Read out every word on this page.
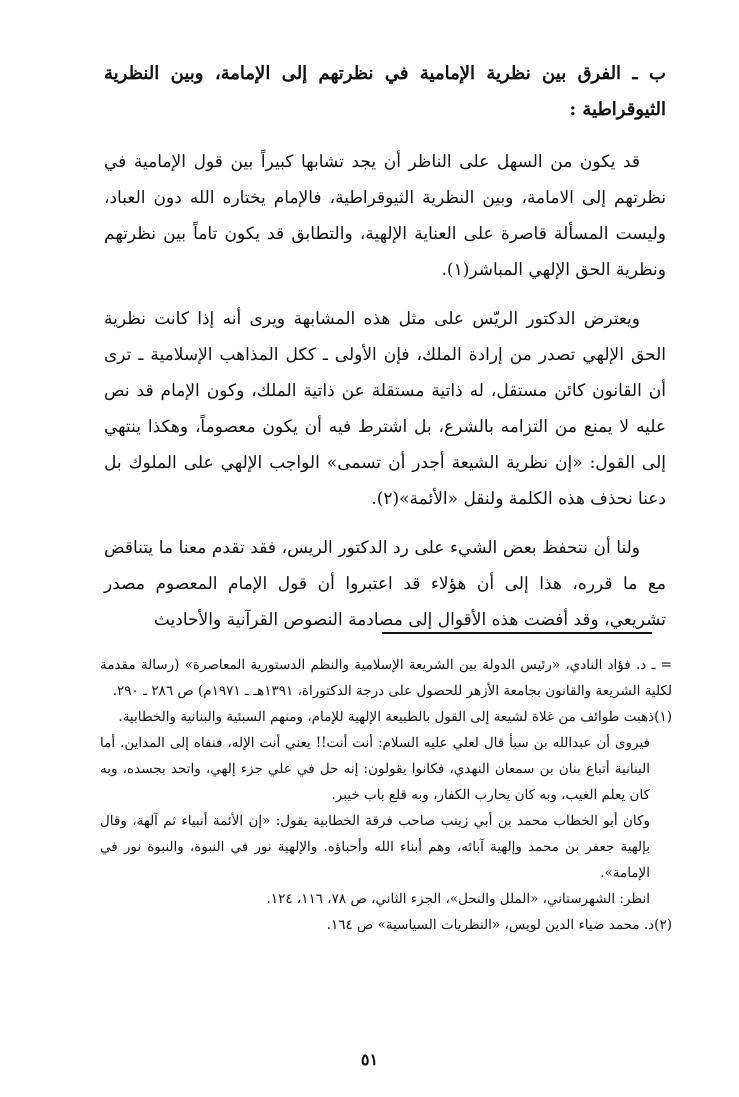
ب ـ الفرق بين نظرية الإمامية في نظرتهم إلى الإمامة، وبين النظرية الثيوقراطية :

قد يكون من السهل على الناظر أن يجد تشابها كبيراً بين قول الإمامية في نظرتهم إلى الامامة، وبين النظرية الثيوقراطية، فالإمام يختاره الله دون العباد، وليست المسألة قاصرة على العناية الإلهية، والتطابق قد يكون تاماً بين نظرتهم ونظرية الحق الإلهي المباشر(١).

ويعترض الدكتور الريّس على مثل هذه المشابهة ويرى أنه إذا كانت نظرية الحق الإلهي تصدر من إرادة الملك، فإن الأولى ـ ككل المذاهب الإسلامية ـ ترى أن القانون كائن مستقل، له ذاتية مستقلة عن ذاتية الملك، وكون الإمام قد نص عليه لا يمنع من التزامه بالشرع، بل اشترط فيه أن يكون معصوماً، وهكذا ينتهي إلى القول: «إن نظرية الشيعة أجدر أن تسمى» الواجب الإلهي على الملوك بل دعنا نحذف هذه الكلمة ولنقل «الأئمة»(٢).

ولنا أن نتحفظ بعض الشيء على رد الدكتور الريس، فقد تقدم معنا ما يتناقض مع ما قرره، هذا إلى أن هؤلاء قد اعتبروا أن قول الإمام المعصوم مصدر تشريعي، وقد أفضت هذه الأقوال إلى مصادمة النصوص القرآنية والأحاديث

= ـ د. فؤاد النادي، «رئيس الدولة بين الشريعة الإسلامية والنظم الدستورية المعاصرة» (رسالة مقدمة لكلية الشريعة والقانون بجامعة الأزهر للحصول على درجة الدكتوراة، ١٣٩١هـ ـ ١٩٧١م) ص ٢٨٦ ـ ٢٩٠.

(١)ذهبت طوائف من غلاة لشيعة إلى القول بالطبيعة الإلهية للإمام، ومنهم السبئية والبنانية والخطابية.

فيروى أن عبدالله بن سبأ قال لعلي عليه السلام: أنت أنت!! يعني أنت الإله، فنفاه إلى المداين. أما البنانية أتباع بنان بن سمعان النهدي، فكانوا يقولون: إنه حل في علي جزء إلهي، واتحد بجسده، وبه كان يعلم الغيب، وبه كان يحارب الكفار، وبه قلع باب خيبر.

وكان أبو الخطاب محمد بن أبي زينب صاحب فرقة الخطابية يقول: «إن الأئمة أنبياء ثم آلهة، وقال بإلهية جعفر بن محمد وإلهية آبائه، وهم أبناء الله وأحباؤه. والإلهية نور في النبوة، والنبوة نور في الإمامة».

انظر: الشهرستاني، «الملل والنحل»، الجزء الثاني، ص ٧٨، ١١٦، ١٢٤.

(٢)د. محمد ضياء الدين لويس، «النظريات السياسية» ص ١٦٤.

٥١
